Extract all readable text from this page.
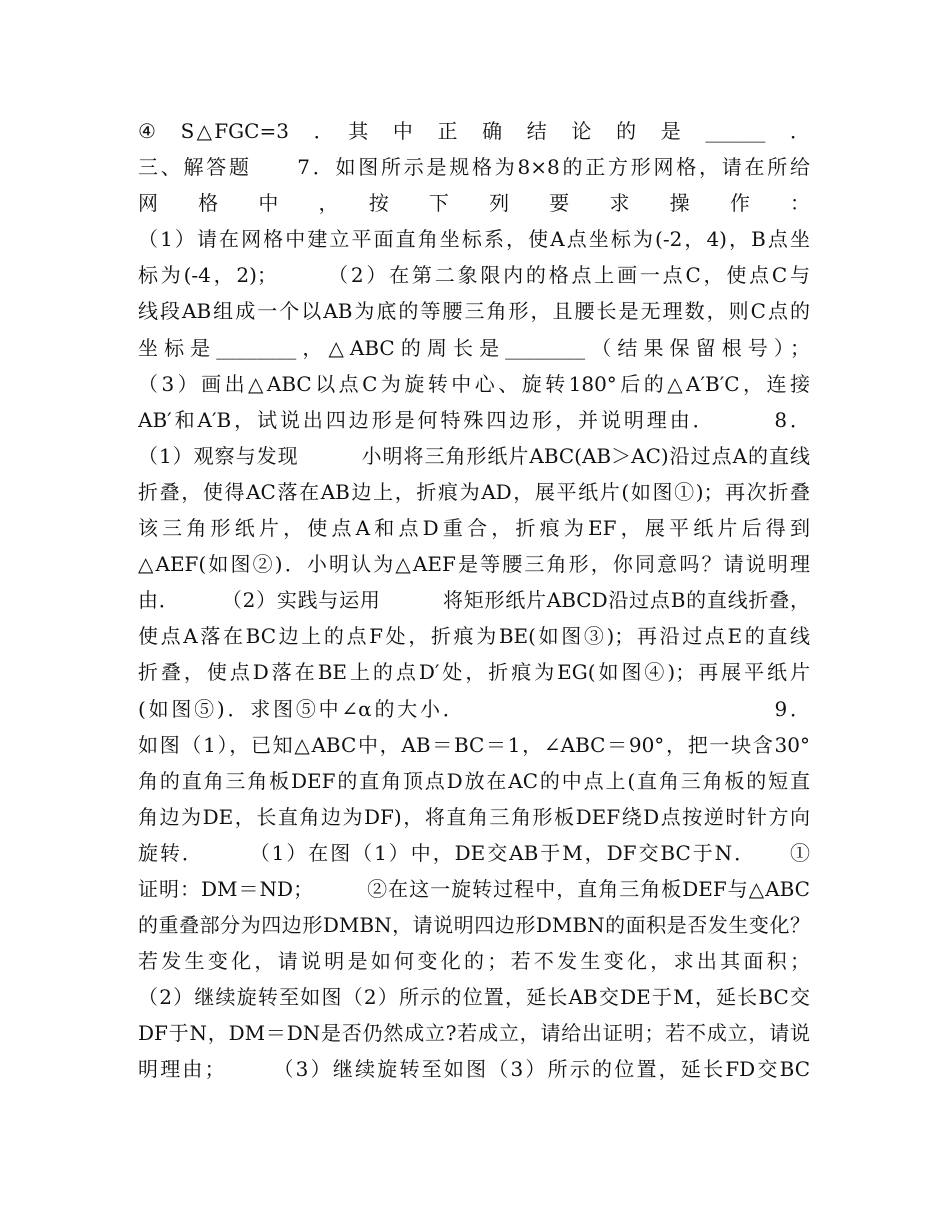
④　S△FGC=3　．　其　中　正　确　结　论　的　是　______　．
三、解答题　　7．如图所示是规格为8×8的正方形网格，请在所给
网　　格　　中　　，　　按　　下　　列　　要　　求　　操　　作　　：
（1）请在网格中建立平面直角坐标系，使A点坐标为(-2，4)，B点坐
标为(-4，2)；　　　（2）在第二象限内的格点上画一点C，使点C与
线段AB组成一个以AB为底的等腰三角形，且腰长是无理数，则C点的
坐标是________，△ABC的周长是________（结果保留根号）；
（3）画出△ABC以点C为旋转中心、旋转180°后的△A′B′C，连接
AB′和A′B，试说出四边形是何特殊四边形，并说明理由．　　　8．
（1）观察与发现　　　小明将三角形纸片ABC(AB＞AC)沿过点A的直线
折叠，使得AC落在AB边上，折痕为AD，展平纸片(如图①)；再次折叠
该三角形纸片，使点A和点D重合，折痕为EF，展平纸片后得到
△AEF(如图②)．小明认为△AEF是等腰三角形，你同意吗？请说明理
由．　　　（2）实践与运用　　　将矩形纸片ABCD沿过点B的直线折叠，
使点A落在BC边上的点F处，折痕为BE(如图③)；再沿过点E的直线
折叠，使点D落在BE上的点D′处，折痕为EG(如图④)；再展平纸片
(如图⑤)．求图⑤中∠α的大小．　　　　　　　　　　　　　　9．
如图（1），已知△ABC中，AB＝BC＝1，∠ABC＝90°，把一块含30°
角的直角三角板DEF的直角顶点D放在AC的中点上(直角三角板的短直
角边为DE，长直角边为DF)，将直角三角形板DEF绕D点按逆时针方向
旋转．　　　（1）在图（1）中，DE交AB于M，DF交BC于N．　　①
证明：DM＝ND；　　　②在这一旋转过程中，直角三角板DEF与△ABC
的重叠部分为四边形DMBN，请说明四边形DMBN的面积是否发生变化？
若发生变化，请说明是如何变化的；若不发生变化，求出其面积；
（2）继续旋转至如图（2）所示的位置，延长AB交DE于M，延长BC交
DF于N，DM＝DN是否仍然成立?若成立，请给出证明；若不成立，请说
明理由；　　　（3）继续旋转至如图（3）所示的位置，延长FD交BC
